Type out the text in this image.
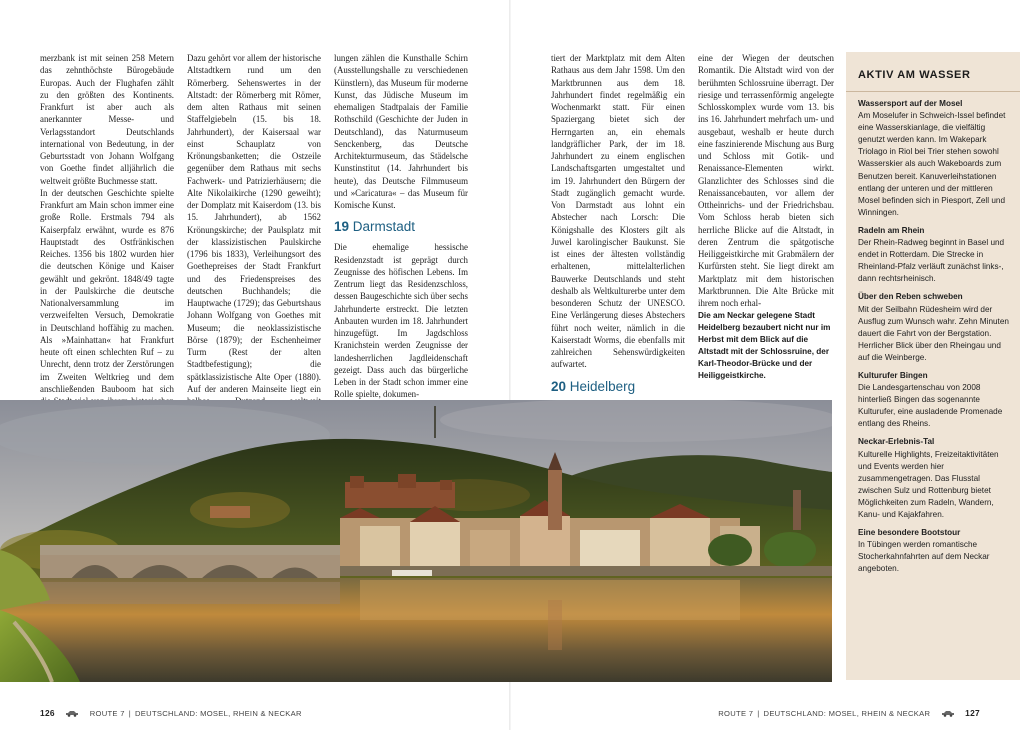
merzbank ist mit seinen 258 Metern das zehnthöchste Bürogebäude Europas. Auch der Flughafen zählt zu den größten des Kontinents. Frankfurt ist aber auch als anerkannter Messe- und Verlagsstandort Deutschlands international von Bedeutung, in der Geburtsstadt von Johann Wolfgang von Goethe findet alljährlich die weltweit größte Buchmesse statt.

In der deutschen Geschichte spielte Frankfurt am Main schon immer eine große Rolle. Erstmals 794 als Kaiserpfalz erwähnt, wurde es 876 Hauptstadt des Ostfränkischen Reiches. 1356 bis 1802 wurden hier die deutschen Könige und Kaiser gewählt und gekrönt. 1848/49 tagte in der Paulskirche die deutsche Nationalversammlung im verzweifelten Versuch, Demokratie in Deutschland hoffähig zu machen. Als »Mainhattan« hat Frankfurt heute oft einen schlechten Ruf – zu Unrecht, denn trotz der Zerstörungen im Zweiten Weltkrieg und dem anschließenden Bauboom hat sich

Dazu gehört vor allem der historische Altstadtkern rund um den Römerberg. Sehenswertes in der Altstadt: der Römerberg mit Römer, dem alten Rathaus mit seinen Staffelgiebeln (15. bis 18. Jahrhundert), der Kaisersaal war einst Schauplatz von Krönungsbanketten; die Ostzeile gegenüber dem Rathaus mit sechs Fachwerk- und Patrizierhäusern; die Alte Nikolaikirche (1290 geweiht); der Domplatz mit Kaiserdom (13. bis 15. Jahrhundert), ab 1562 Krönungskirche; der Paulsplatz mit der klassizistischen Paulskirche (1796 bis 1833), Verleihungsort des Goethepreises der Stadt Frankfurt und des Friedenspreises des deutschen Buchhandels; die Hauptwache (1729); das Geburtshaus Johann Wolfgang von Goethes mit Museum; die neoklassizistische Börse (1879); der Eschenheimer Turm (Rest der alten Stadtbefestigung); die spätklassizistische Alte Oper (1880). Auf der anderen Mainseite liegt ein

lungen zählen die Kunsthalle Schirn (Ausstellungshalle zu verschiedenen Künstlern), das Museum für moderne Kunst, das Jüdische Museum im ehemaligen Stadtpalais der Familie Rothschild (Geschichte der Juden in Deutschland), das Naturmuseum Senckenberg, das Deutsche Architekturmuseum, das Städelsche Kunstinstitut (14. Jahrhundert bis heute), das Deutsche Filmmuseum und »Caricatura« – das Museum für Komische Kunst.

19 Darmstadt

Die ehemalige hessische Residenzstadt ist geprägt durch Zeugnisse des höfischen Lebens. Im Zentrum liegt das Residenzschloss, dessen Baugeschichte sich über sechs Jahrhunderte erstreckt. Die letzten Anbauten wurden im 18. Jahrhundert hinzugefügt. Im Jagdschloss Kranichstein werden Zeugnisse der landesherrlichen Jagdleidenschaft gezeigt. Dass auch das bürgerliche Leben in der Stadt schon immer eine Rolle spielte, dokumen-

tiert der Marktplatz mit dem Alten Rathaus aus dem Jahr 1598. Um den Marktbrunnen aus dem 18. Jahrhundert findet regelmäßig ein Wochenmarkt statt. Für einen Spaziergang bietet sich der Herrngarten an, ein ehemals landgräflicher Park, der im 18. Jahrhundert zu einem englischen Landschaftsgarten umgestaltet und im 19. Jahrhundert den Bürgern der Stadt zugänglich gemacht wurde. Von Darmstadt aus lohnt ein Abstecher nach Lorsch: Die Königshalle des Klosters gilt als Juwel karolingischer Baukunst. Sie ist eines der ältesten vollständig erhaltenen, mittelalterlichen Bauwerke Deutschlands und steht deshalb als Weltkulturerbe unter dem besonderen Schutz der UNESCO. Eine Verlängerung dieses Abstechers führt noch weiter, nämlich in die Kaiserstadt Worms, die ebenfalls mit zahlreichen Sehenswürdigkeiten aufwartet.

20 Heidelberg

eine der Wiegen der deutschen Romantik. Die Altstadt wird von der berühmten Schlossruine überragt. Der riesige und terrassenförmig angelegte Schlosskomplex wurde vom 13. bis ins 16. Jahrhundert mehrfach um- und ausgebaut, weshalb er heute durch eine faszinierende Mischung aus Burg und Schloss mit Gotik- und Renaissance-Elementen wirkt. Glanzlichter des Schlosses sind die Renaissancebauten, vor allem der Ottheinrichs- und der Friedrichsbau. Vom Schloss herab bieten sich herrliche Blicke auf die Altstadt, in deren Zentrum die spätgotische Heiliggeistkirche mit Grabmälern der Kurfürsten steht. Sie liegt direkt am Marktplatz mit dem historischen Marktbrunnen. Die Alte Brücke mit ihrem noch erhal-

Die am Neckar gelegene Stadt Heidelberg bezaubert nicht nur im Herbst mit dem Blick auf die Altstadt mit der Schlossruine, der Karl-Theodor-Brücke und der Heiliggeistkirche.
AKTIV AM WASSER
Wassersport auf der Mosel
Am Moselufer in Schweich-Issel befindet eine Wasserskianlage, die vielfältig genutzt werden kann. Im Wakepark Triolago in Riol bei Trier stehen sowohl Wasserskier als auch Wakeboards zum Benutzen bereit. Kanuverleihstationen entlang der unteren und der mittleren Mosel befinden sich in Piesport, Zell und Winningen.
Radeln am Rhein
Der Rhein-Radweg beginnt in Basel und endet in Rotterdam. Die Strecke in Rheinland-Pfalz verläuft zunächst links-, dann rechtsrheinisch.
Über den Reben schweben
Mit der Seilbahn Rüdesheim wird der Ausflug zum Wunsch wahr. Zehn Minuten dauert die Fahrt von der Bergstation. Herrlicher Blick über den Rheingau und auf die Weinberge.
Kulturufer Bingen
Die Landesgartenschau von 2008 hinterließ Bingen das sogenannte Kulturufer, eine ausladende Promenade entlang des Rheins.
Neckar-Erlebnis-Tal
Kulturelle Highlights, Freizeitaktivitäten und Events werden hier zusammengetragen. Das Flusstal zwischen Sulz und Rottenburg bietet Möglichkeiten zum Radeln, Wandern, Kanu- und Kajakfahren.
Eine besondere Bootstour
In Tübingen werden romantische Stocherkahnfahrten auf dem Neckar angeboten.
126	ROUTE 7 | DEUTSCHLAND: MOSEL, RHEIN & NECKAR	ROUTE 7 | DEUTSCHLAND: MOSEL, RHEIN & NECKAR	127
